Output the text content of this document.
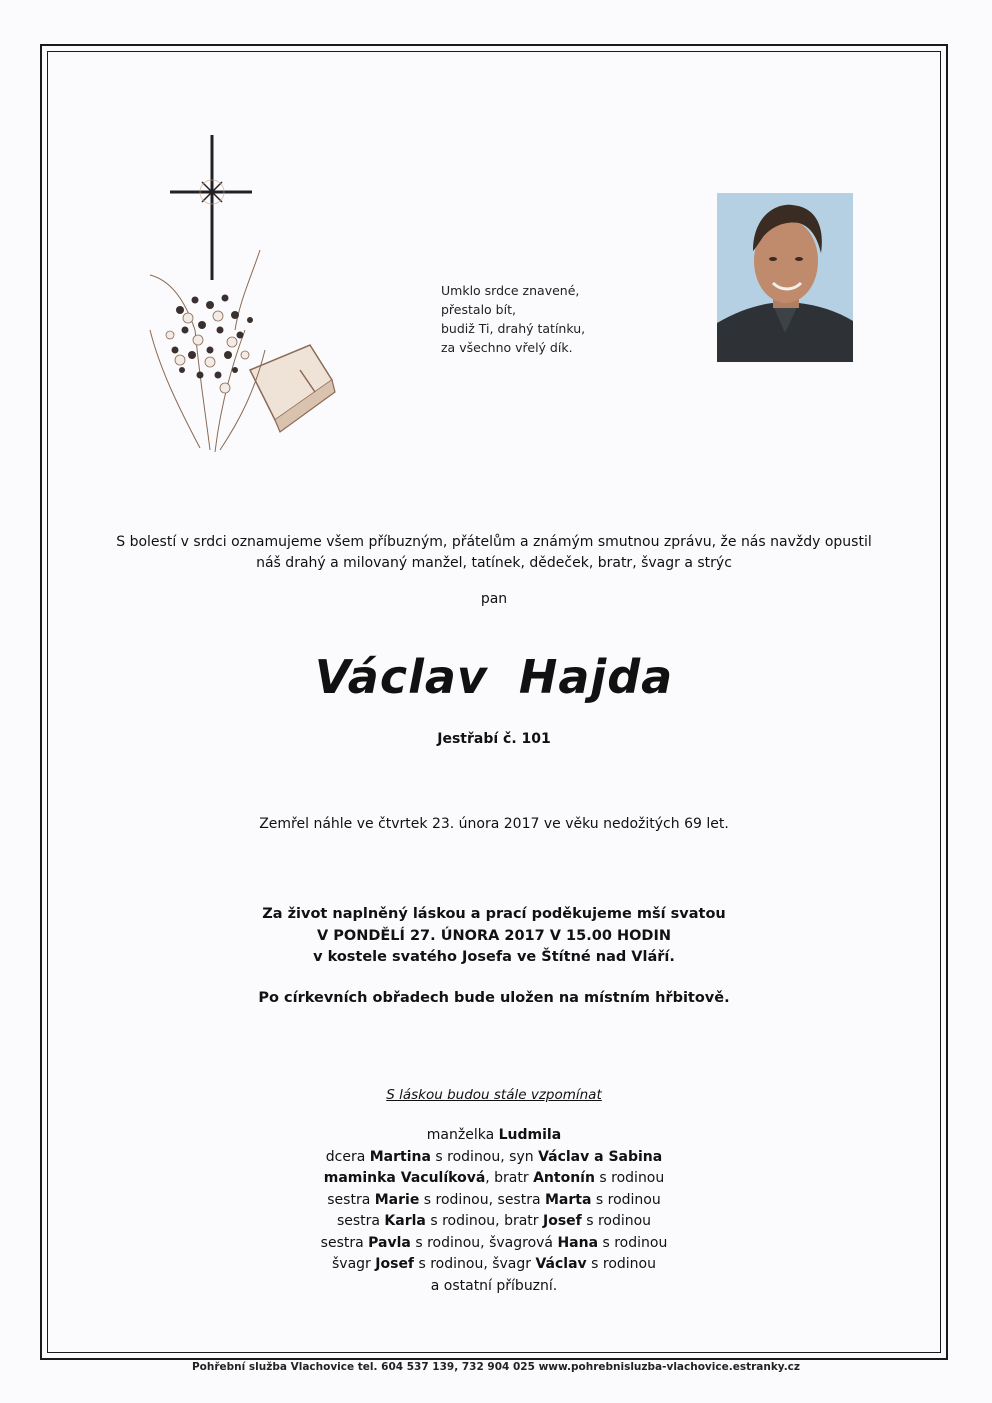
Umklo srdce znavené,
přestalo bít,
budiž Ti, drahý tatínku,
za všechno vřelý dík.
S bolestí v srdci oznamujeme všem příbuzným, přátelům a známým smutnou zprávu, že nás navždy opustil
náš drahý a milovaný manžel, tatínek, dědeček, bratr, švagr a strýc
pan
Václav Hajda
Jestřabí č. 101
Zemřel náhle ve čtvrtek 23. února 2017 ve věku nedožitých 69 let.
Za život naplněný láskou a prací poděkujeme mší svatou
V PONDĚLÍ 27. ÚNORA 2017 V 15.00 HODIN
v kostele svatého Josefa ve Štítné nad Vláří.
Po církevních obřadech bude uložen na místním hřbitově.
S láskou budou stále vzpomínat
manželka Ludmila
dcera Martina s rodinou, syn Václav a Sabina
maminka Vaculíková, bratr Antonín s rodinou
sestra Marie s rodinou, sestra Marta s rodinou
sestra Karla s rodinou, bratr Josef s rodinou
sestra Pavla s rodinou, švagrová Hana s rodinou
švagr Josef s rodinou, švagr Václav s rodinou
a ostatní příbuzní.
Pohřební služba Vlachovice tel. 604 537 139, 732 904 025 www.pohrebnisluzba-vlachovice.estranky.cz
